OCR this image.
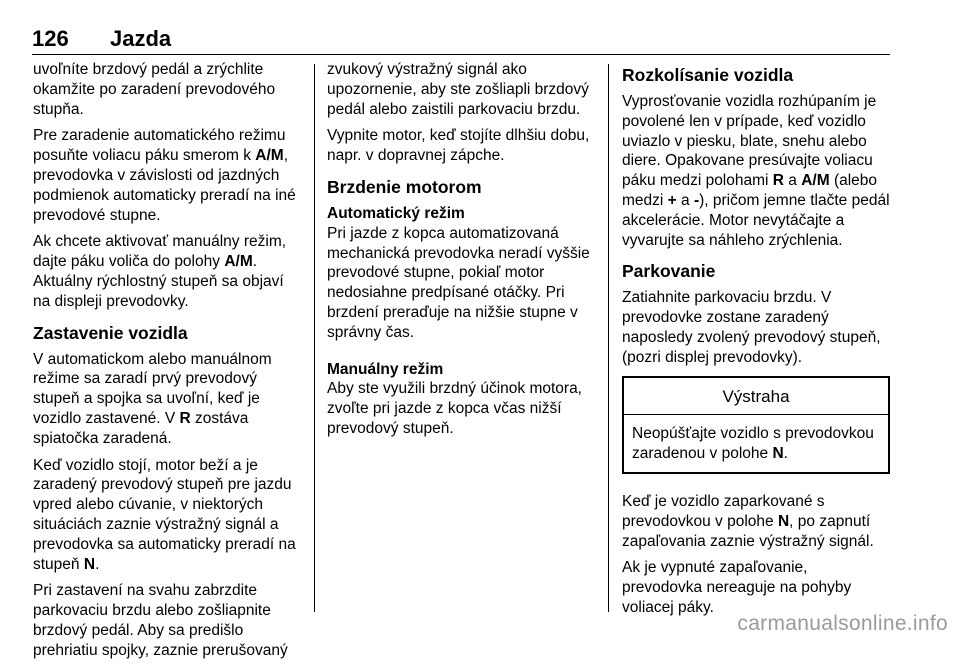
126 Jazda

uvoľníte brzdový pedál a zrýchlite okamžite po zaradení prevodového stupňa.

Pre zaradenie automatického režimu posuňte voliacu páku smerom k A/M, prevodovka v závislosti od jazdných podmienok automaticky preradí na iné prevodové stupne.

Ak chcete aktivovať manuálny režim, dajte páku voliča do polohy A/M. Aktuálny rýchlostný stupeň sa objaví na displeji prevodovky.

Zastavenie vozidla

V automatickom alebo manuálnom režime sa zaradí prvý prevodový stupeň a spojka sa uvoľní, keď je vozidlo zastavené. V R zostáva spiatočka zaradená.

Keď vozidlo stojí, motor beží a je zaradený prevodový stupeň pre jazdu vpred alebo cúvanie, v niektorých situáciách zaznie výstražný signál a prevodovka sa automaticky preradí na stupeň N.

Pri zastavení na svahu zabrzdite parkovaciu brzdu alebo zošliapnite brzdový pedál. Aby sa predišlo prehriatiu spojky, zaznie prerušovaný

zvukový výstražný signál ako upozornenie, aby ste zošliapli brzdový pedál alebo zaistili parkovaciu brzdu.

Vypnite motor, keď stojíte dlhšiu dobu, napr. v dopravnej zápche.

Brzdenie motorom
Automatický režim

Pri jazde z kopca automatizovaná mechanická prevodovka neradí vyššie prevodové stupne, pokiaľ motor nedosiahne predpísané otáčky. Pri brzdení preraďuje na nižšie stupne v správny čas.

Manuálny režim

Aby ste využili brzdný účinok motora, zvoľte pri jazde z kopca včas nižší prevodový stupeň.

Rozkolísanie vozidla

Vyprosťovanie vozidla rozhúpaním je povolené len v prípade, keď vozidlo uviazlo v piesku, blate, snehu alebo diere. Opakovane presúvajte voliacu páku medzi polohami R a A/M (alebo medzi + a -), pričom jemne tlačte pedál akcelerácie. Motor nevytáčajte a vyvarujte sa náhleho zrýchlenia.

Parkovanie

Zatiahnite parkovaciu brzdu. V prevodovke zostane zaradený naposledy zvolený prevodový stupeň, (pozri displej prevodovky).

Výstraha
Neopúšťajte vozidlo s prevodovkou zaradenou v polohe N.

Keď je vozidlo zaparkované s prevodovkou v polohe N, po zapnutí zapaľovania zaznie výstražný signál.

Ak je vypnuté zapaľovanie, prevodovka nereaguje na pohyby voliacej páky.

carmanualsonline.info
